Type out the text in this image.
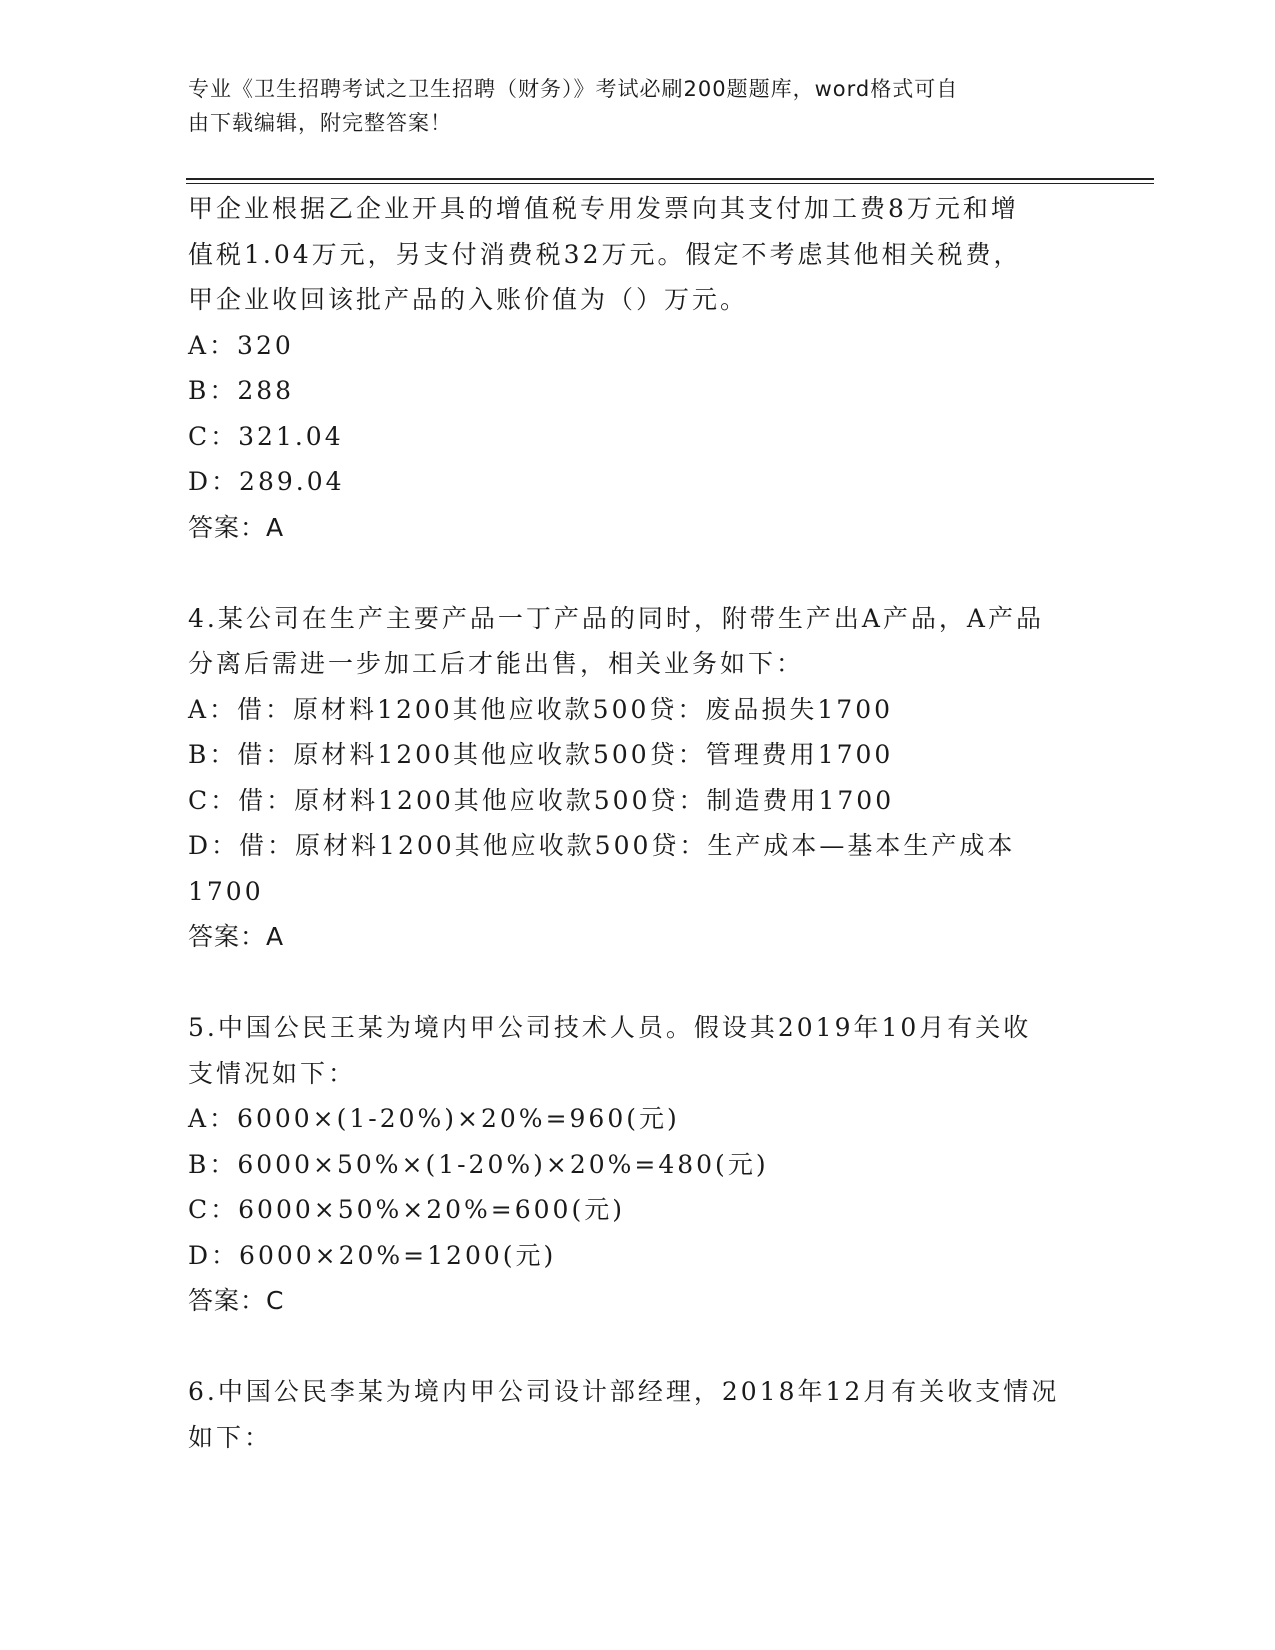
专业《卫生招聘考试之卫生招聘（财务）》考试必刷200题题库，word格式可自
由下载编辑，附完整答案！

甲企业根据乙企业开具的增值税专用发票向其支付加工费8万元和增

值税1.04万元，另支付消费税32万元。假定不考虑其他相关税费，

甲企业收回该批产品的入账价值为（）万元。

A：320

B：288

C：321.04

D：289.04

答案：A

4.某公司在生产主要产品一丁产品的同时，附带生产出A产品，A产品

分离后需进一步加工后才能出售，相关业务如下：

A：借：原材料1200其他应收款500贷：废品损失1700

B：借：原材料1200其他应收款500贷：管理费用1700

C：借：原材料1200其他应收款500贷：制造费用1700

D：借：原材料1200其他应收款500贷：生产成本—基本生产成本

1700

答案：A

5.中国公民王某为境内甲公司技术人员。假设其2019年10月有关收

支情况如下：

A：6000×(1-20%)×20%=960(元)

B：6000×50%×(1-20%)×20%=480(元)

C：6000×50%×20%=600(元)

D：6000×20%=1200(元)

答案：C

6.中国公民李某为境内甲公司设计部经理，2018年12月有关收支情况

如下：
